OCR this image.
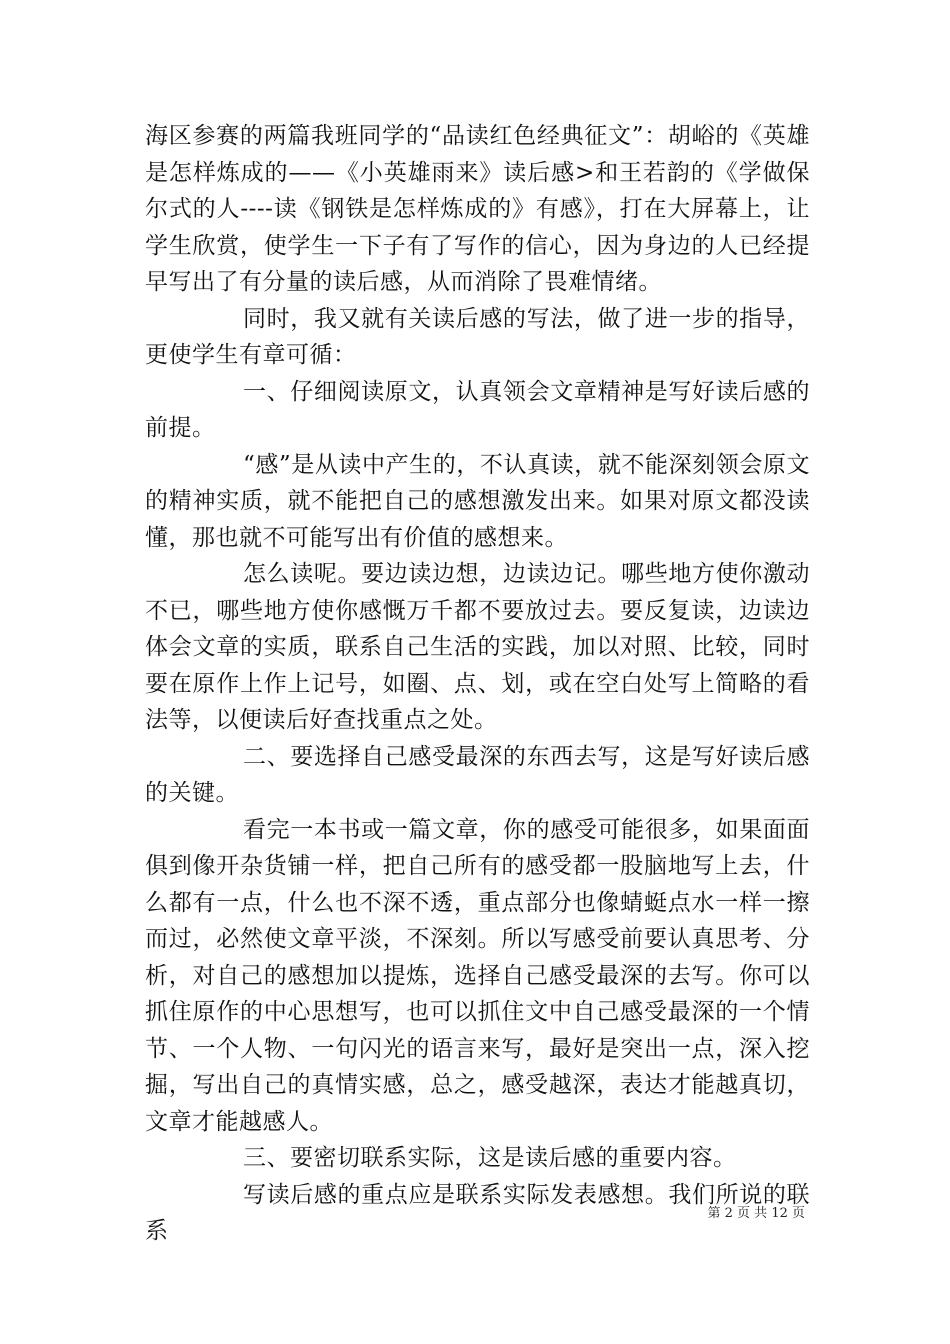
海区参赛的两篇我班同学的“品读红色经典征文”：胡峪的《英雄是怎样炼成的——《小英雄雨来》读后感>和王若韵的《学做保尔式的人----读《钢铁是怎样炼成的》有感》，打在大屏幕上，让学生欣赏，使学生一下子有了写作的信心，因为身边的人已经提早写出了有分量的读后感，从而消除了畏难情绪。

同时，我又就有关读后感的写法，做了进一步的指导，更使学生有章可循：

一、仔细阅读原文，认真领会文章精神是写好读后感的前提。

“感”是从读中产生的，不认真读，就不能深刻领会原文的精神实质，就不能把自己的感想激发出来。如果对原文都没读懂，那也就不可能写出有价值的感想来。

怎么读呢。要边读边想，边读边记。哪些地方使你激动不已，哪些地方使你感慨万千都不要放过去。要反复读，边读边体会文章的实质，联系自己生活的实践，加以对照、比较，同时要在原作上作上记号，如圈、点、划，或在空白处写上简略的看法等，以便读后好查找重点之处。

二、要选择自己感受最深的东西去写，这是写好读后感的关键。

看完一本书或一篇文章，你的感受可能很多，如果面面俱到像开杂货铺一样，把自己所有的感受都一股脑地写上去，什么都有一点，什么也不深不透，重点部分也像蜻蜓点水一样一擦而过，必然使文章平淡，不深刻。所以写感受前要认真思考、分析，对自己的感想加以提炼，选择自己感受最深的去写。你可以抓住原作的中心思想写，也可以抓住文中自己感受最深的一个情节、一个人物、一句闪光的语言来写，最好是突出一点，深入挖掘，写出自己的真情实感，总之，感受越深，表达才能越真切，文章才能越感人。

三、要密切联系实际，这是读后感的重要内容。

写读后感的重点应是联系实际发表感想。我们所说的联系

第 2 页 共 12 页
